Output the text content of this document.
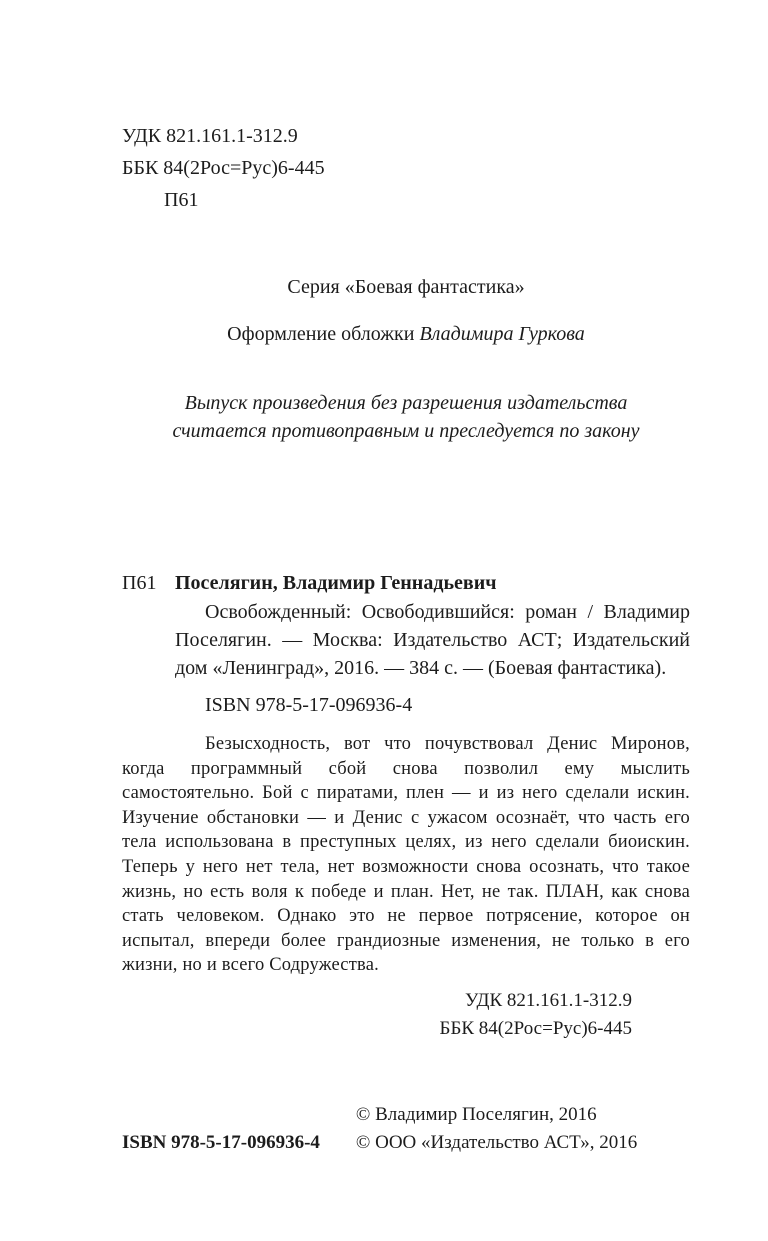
УДК 821.161.1-312.9
ББК 84(2Рос=Рус)6-445
П61
Серия «Боевая фантастика»
Оформление обложки Владимира Гуркова
Выпуск произведения без разрешения издательства
считается противоправным и преследуется по закону
П61 Поселягин, Владимир Геннадьевич

Освобожденный: Освободившийся: роман / Владимир Поселягин. — Москва: Издательство АСТ; Издательский дом «Ленинград», 2016. — 384 с. — (Боевая фантастика).

ISBN 978-5-17-096936-4

Безысходность, вот что почувствовал Денис Миронов, когда программный сбой снова позволил ему мыслить самостоятельно. Бой с пиратами, плен — и из него сделали искин. Изучение обстановки — и Денис с ужасом осознаёт, что часть его тела использована в преступных целях, из него сделали биоискин. Теперь у него нет тела, нет возможности снова осознать, что такое жизнь, но есть воля к победе и план. Нет, не так. ПЛАН, как снова стать человеком. Однако это не первое потрясение, которое он испытал, впереди более грандиозные изменения, не только в его жизни, но и всего Содружества.

УДК 821.161.1-312.9
ББК 84(2Рос=Рус)6-445
ISBN 978-5-17-096936-4
© Владимир Поселягин, 2016
© ООО «Издательство АСТ», 2016
